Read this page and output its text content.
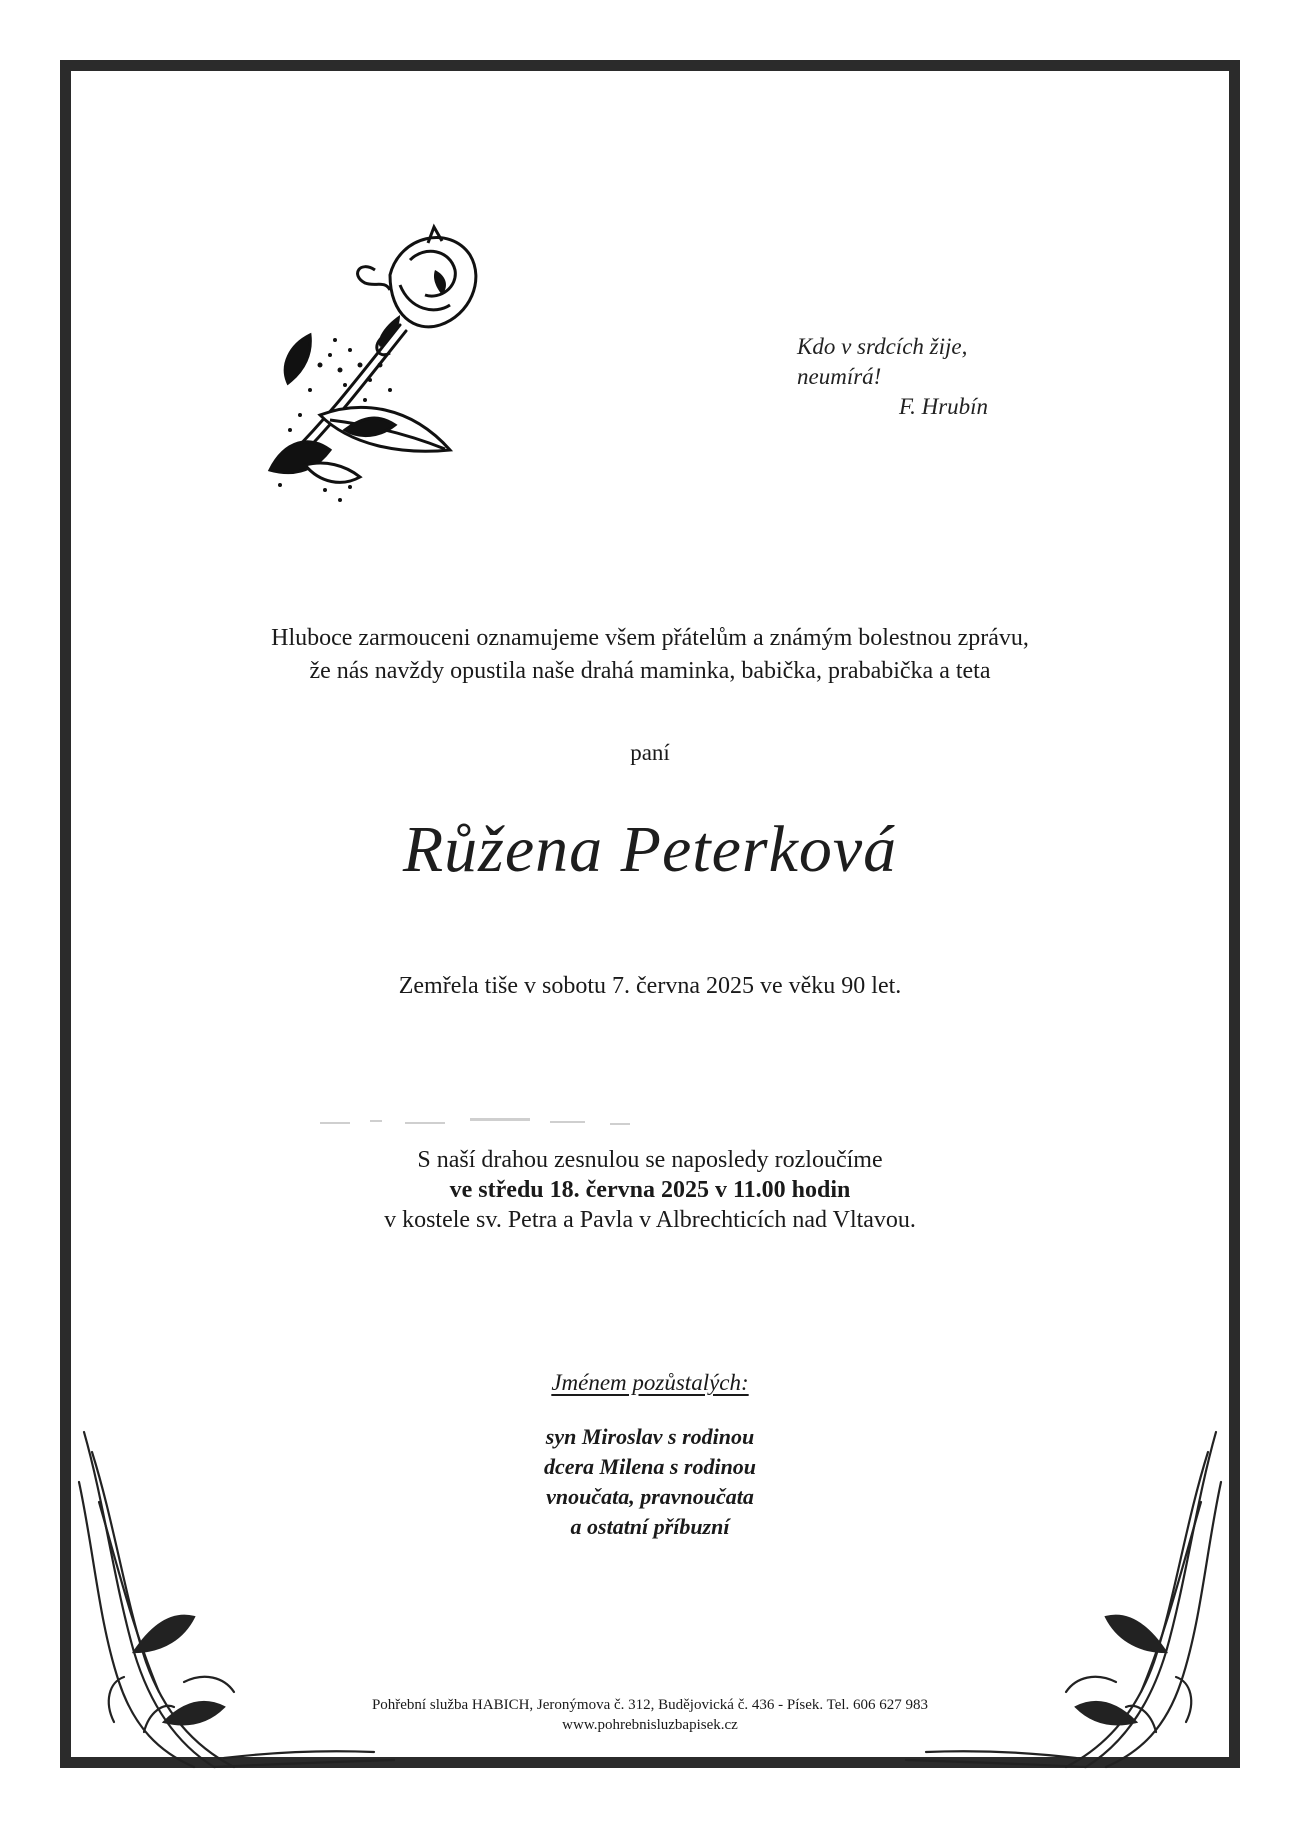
Kdo v srdcích žije,
neumírá!
F. Hrubín
Hluboce zarmouceni oznamujeme všem přátelům a známým bolestnou zprávu,
že nás navždy opustila naše drahá maminka, babička, prababička a teta
paní
Růžena Peterková
Zemřela tiše v sobotu 7. června 2025 ve věku 90 let.
S naší drahou zesnulou se naposledy rozloučíme
ve středu 18. června 2025 v 11.00 hodin
v kostele sv. Petra a Pavla v Albrechticích nad Vltavou.
Jménem pozůstalých:
syn Miroslav s rodinou
dcera Milena s rodinou
vnoučata, pravnoučata
a ostatní příbuzní
Pohřební služba HABICH, Jeronýmova č. 312, Budějovická č. 436 - Písek. Tel. 606 627 983
www.pohrebnisluzbapisek.cz
